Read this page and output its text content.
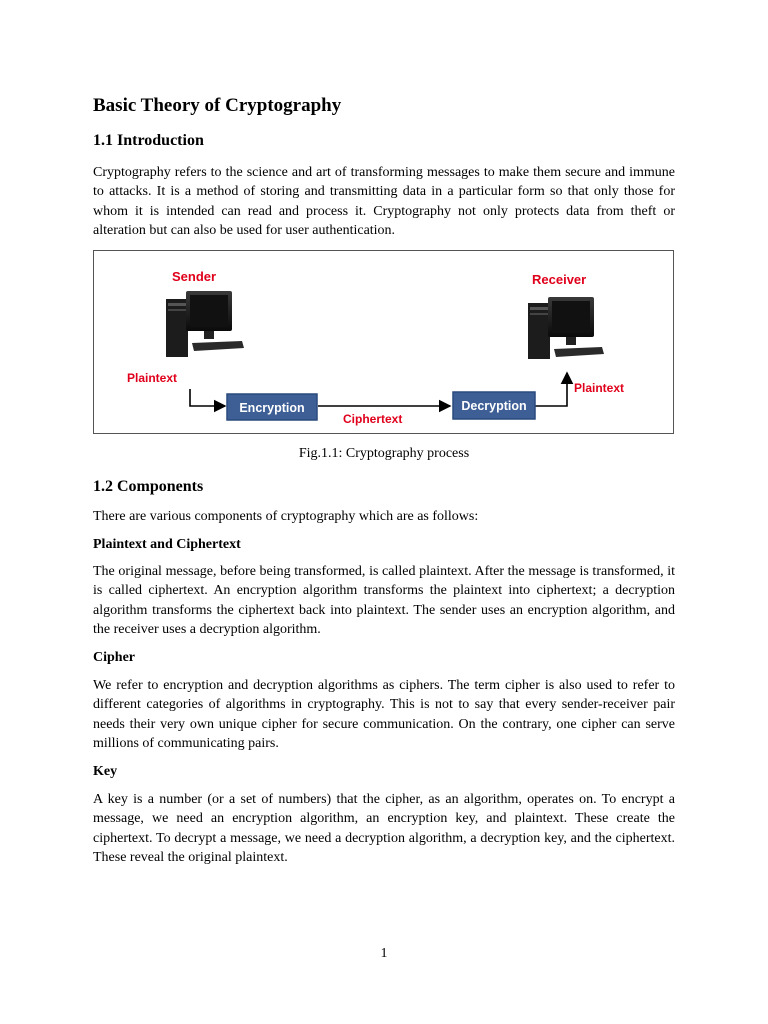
Basic Theory of Cryptography
1.1 Introduction

Cryptography refers to the science and art of transforming messages to make them secure and immune to attacks. It is a method of storing and transmitting data in a particular form so that only those for whom it is intended can read and process it. Cryptography not only protects data from theft or alteration but can also be used for user authentication.

Sender	Receiver
Plaintext
Plaintext
Ciphertext
Encryption	Decryption
Fig.1.1: Cryptography process
1.2 Components

There are various components of cryptography which are as follows:

Plaintext and Ciphertext

The original message, before being transformed, is called plaintext. After the message is transformed, it is called ciphertext. An encryption algorithm transforms the plaintext into ciphertext; a decryption algorithm transforms the ciphertext back into plaintext. The sender uses an encryption algorithm, and the receiver uses a decryption algorithm.

Cipher

We refer to encryption and decryption algorithms as ciphers. The term cipher is also used to refer to different categories of algorithms in cryptography. This is not to say that every sender-receiver pair needs their very own unique cipher for secure communication. On the contrary, one cipher can serve millions of communicating pairs.

Key

A key is a number (or a set of numbers) that the cipher, as an algorithm, operates on. To encrypt a message, we need an encryption algorithm, an encryption key, and plaintext. These create the ciphertext. To decrypt a message, we need a decryption algorithm, a decryption key, and the ciphertext. These reveal the original plaintext.

1
